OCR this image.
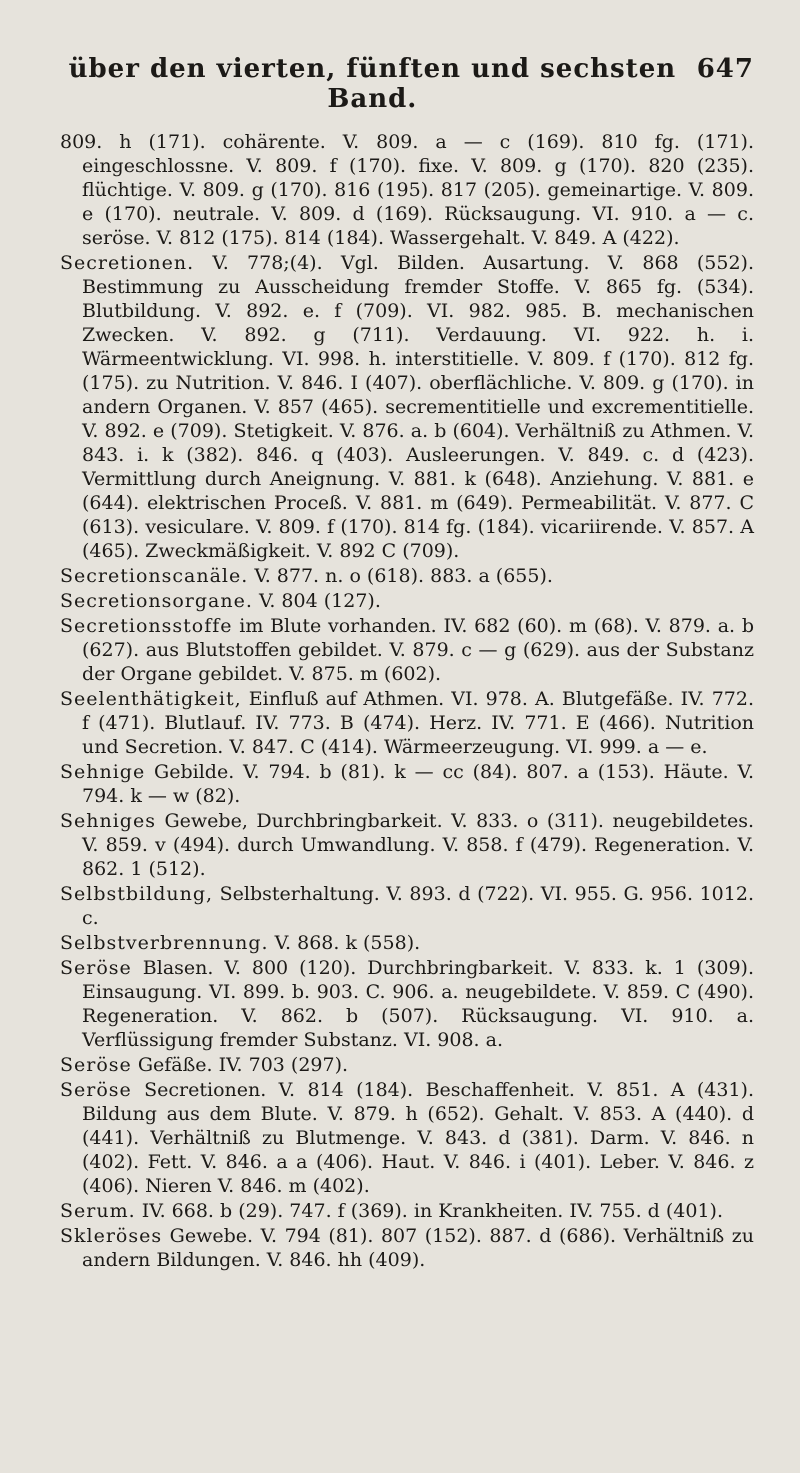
über den vierten, fünften und sechsten Band.
647

809. h (171). cohärente. V. 809. a — c (169). 810 fg. (171). eingeschlossne. V. 809. f (170). fixe. V. 809. g (170). 820 (235). flüchtige. V. 809. g (170). 816 (195). 817 (205). gemeinartige. V. 809. e (170). neutrale. V. 809. d (169). Rücksaugung. VI. 910. a — c. seröse. V. 812 (175). 814 (184). Wassergehalt. V. 849. A (422).

Secretionen. V. 778;(4). Vgl. Bilden. Ausartung. V. 868 (552). Bestimmung zu Ausscheidung fremder Stoffe. V. 865 fg. (534). Blutbildung. V. 892. e. f (709). VI. 982. 985. B. mechanischen Zwecken. V. 892. g (711). Verdauung. VI. 922. h. i. Wärmeentwicklung. VI. 998. h. interstitielle. V. 809. f (170). 812 fg. (175). zu Nutrition. V. 846. I (407). oberflächliche. V. 809. g (170). in andern Organen. V. 857 (465). secrementitielle und excrementitielle. V. 892. e (709). Stetigkeit. V. 876. a. b (604). Verhältniß zu Athmen. V. 843. i. k (382). 846. q (403). Ausleerungen. V. 849. c. d (423). Vermittlung durch Aneignung. V. 881. k (648). Anziehung. V. 881. e (644). elektrischen Proceß. V. 881. m (649). Permeabilität. V. 877. C (613). vesiculare. V. 809. f (170). 814 fg. (184). vicariirende. V. 857. A (465). Zweckmäßigkeit. V. 892 C (709).

Secretionscanäle. V. 877. n. o (618). 883. a (655).

Secretionsorgane. V. 804 (127).

Secretionsstoffe im Blute vorhanden. IV. 682 (60). m (68). V. 879. a. b (627). aus Blutstoffen gebildet. V. 879. c — g (629). aus der Substanz der Organe gebildet. V. 875. m (602).

Seelenthätigkeit, Einfluß auf Athmen. VI. 978. A. Blutgefäße. IV. 772. f (471). Blutlauf. IV. 773. B (474). Herz. IV. 771. E (466). Nutrition und Secretion. V. 847. C (414). Wärmeerzeugung. VI. 999. a — e.

Sehnige Gebilde. V. 794. b (81). k — cc (84). 807. a (153). Häute. V. 794. k — w (82).

Sehniges Gewebe, Durchbringbarkeit. V. 833. o (311). neugebildetes. V. 859. v (494). durch Umwandlung. V. 858. f (479). Regeneration. V. 862. 1 (512).

Selbstbildung, Selbsterhaltung. V. 893. d (722). VI. 955. G. 956. 1012. c.

Selbstverbrennung. V. 868. k (558).

Seröse Blasen. V. 800 (120). Durchbringbarkeit. V. 833. k. 1 (309). Einsaugung. VI. 899. b. 903. C. 906. a. neugebildete. V. 859. C (490). Regeneration. V. 862. b (507). Rücksaugung. VI. 910. a. Verflüssigung fremder Substanz. VI. 908. a.

Seröse Gefäße. IV. 703 (297).

Seröse Secretionen. V. 814 (184). Beschaffenheit. V. 851. A (431). Bildung aus dem Blute. V. 879. h (652). Gehalt. V. 853. A (440). d (441). Verhältniß zu Blutmenge. V. 843. d (381). Darm. V. 846. n (402). Fett. V. 846. a a (406). Haut. V. 846. i (401). Leber. V. 846. z (406). Nieren V. 846. m (402).

Serum. IV. 668. b (29). 747. f (369). in Krankheiten. IV. 755. d (401).

Skleröses Gewebe. V. 794 (81). 807 (152). 887. d (686). Verhältniß zu andern Bildungen. V. 846. hh (409).
